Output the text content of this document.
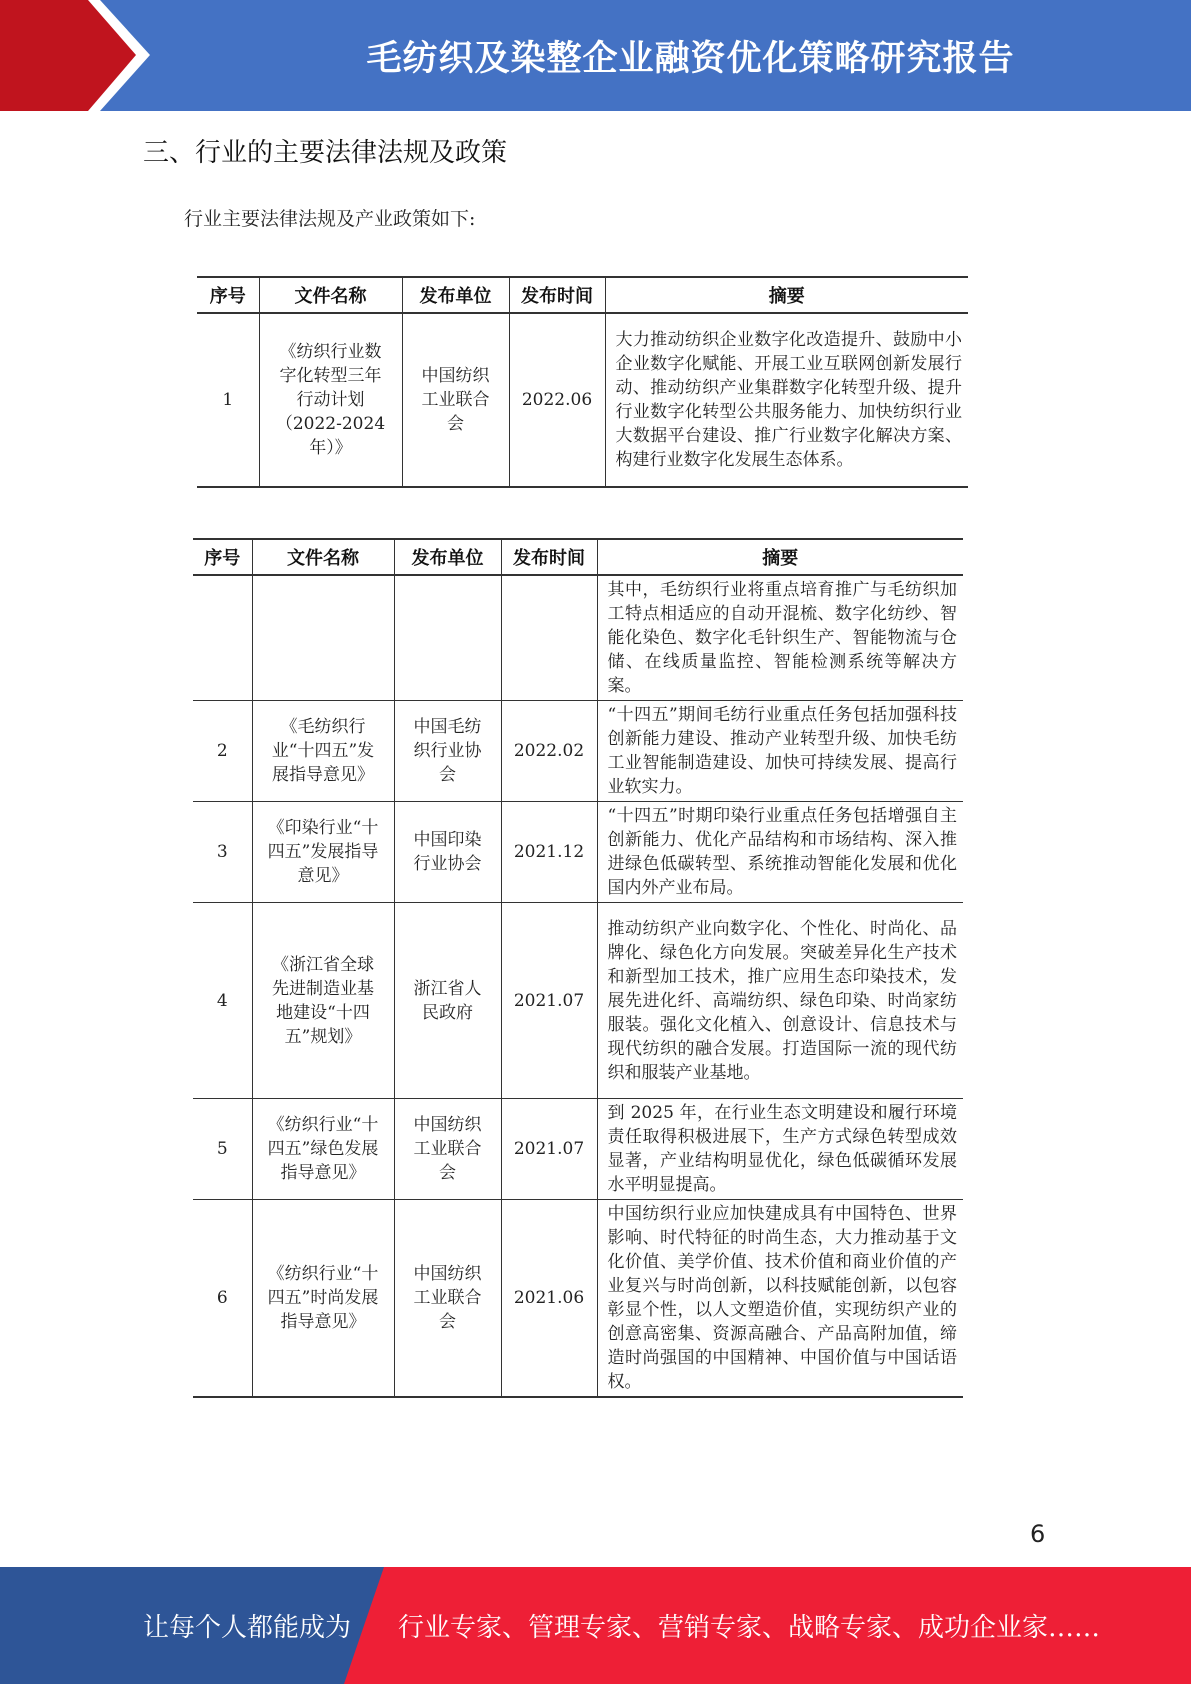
毛纺织及染整企业融资优化策略研究报告
三、行业的主要法律法规及政策
行业主要法律法规及产业政策如下:
序号	文件名称	发布单位	发布时间	摘要
1	《纺织行业数字化转型三年行动计划（2022-2024年）》	中国纺织工业联合会	2022.06	大力推动纺织企业数字化改造提升、鼓励中小企业数字化赋能、开展工业互联网创新发展行动、推动纺织产业集群数字化转型升级、提升行业数字化转型公共服务能力、加快纺织行业大数据平台建设、推广行业数字化解决方案、构建行业数字化发展生态体系。
序号	文件名称	发布单位	发布时间	摘要
				其中，毛纺织行业将重点培育推广与毛纺织加工特点相适应的自动开混梳、数字化纺纱、智能化染色、数字化毛针织生产、智能物流与仓储、在线质量监控、智能检测系统等解决方案。
2	《毛纺织行业“十四五”发展指导意见》	中国毛纺织行业协会	2022.02	“十四五”期间毛纺行业重点任务包括加强科技创新能力建设、推动产业转型升级、加快毛纺工业智能制造建设、加快可持续发展、提高行业软实力。
3	《印染行业“十四五”发展指导意见》	中国印染行业协会	2021.12	“十四五”时期印染行业重点任务包括增强自主创新能力、优化产品结构和市场结构、深入推进绿色低碳转型、系统推动智能化发展和优化国内外产业布局。
4	《浙江省全球先进制造业基地建设“十四五”规划》	浙江省人民政府	2021.07	推动纺织产业向数字化、个性化、时尚化、品牌化、绿色化方向发展。突破差异化生产技术和新型加工技术，推广应用生态印染技术，发展先进化纤、高端纺织、绿色印染、时尚家纺服装。强化文化植入、创意设计、信息技术与现代纺织的融合发展。打造国际一流的现代纺织和服装产业基地。
5	《纺织行业“十四五”绿色发展指导意见》	中国纺织工业联合会	2021.07	到 2025 年，在行业生态文明建设和履行环境责任取得积极进展下，生产方式绿色转型成效显著，产业结构明显优化，绿色低碳循环发展水平明显提高。
6	《纺织行业“十四五”时尚发展指导意见》	中国纺织工业联合会	2021.06	中国纺织行业应加快建成具有中国特色、世界影响、时代特征的时尚生态，大力推动基于文化价值、美学价值、技术价值和商业价值的产业复兴与时尚创新，以科技赋能创新，以包容彰显个性，以人文塑造价值，实现纺织产业的创意高密集、资源高融合、产品高附加值，缔造时尚强国的中国精神、中国价值与中国话语权。
6
让每个人都能成为 行业专家、管理专家、营销专家、战略专家、成功企业家……
